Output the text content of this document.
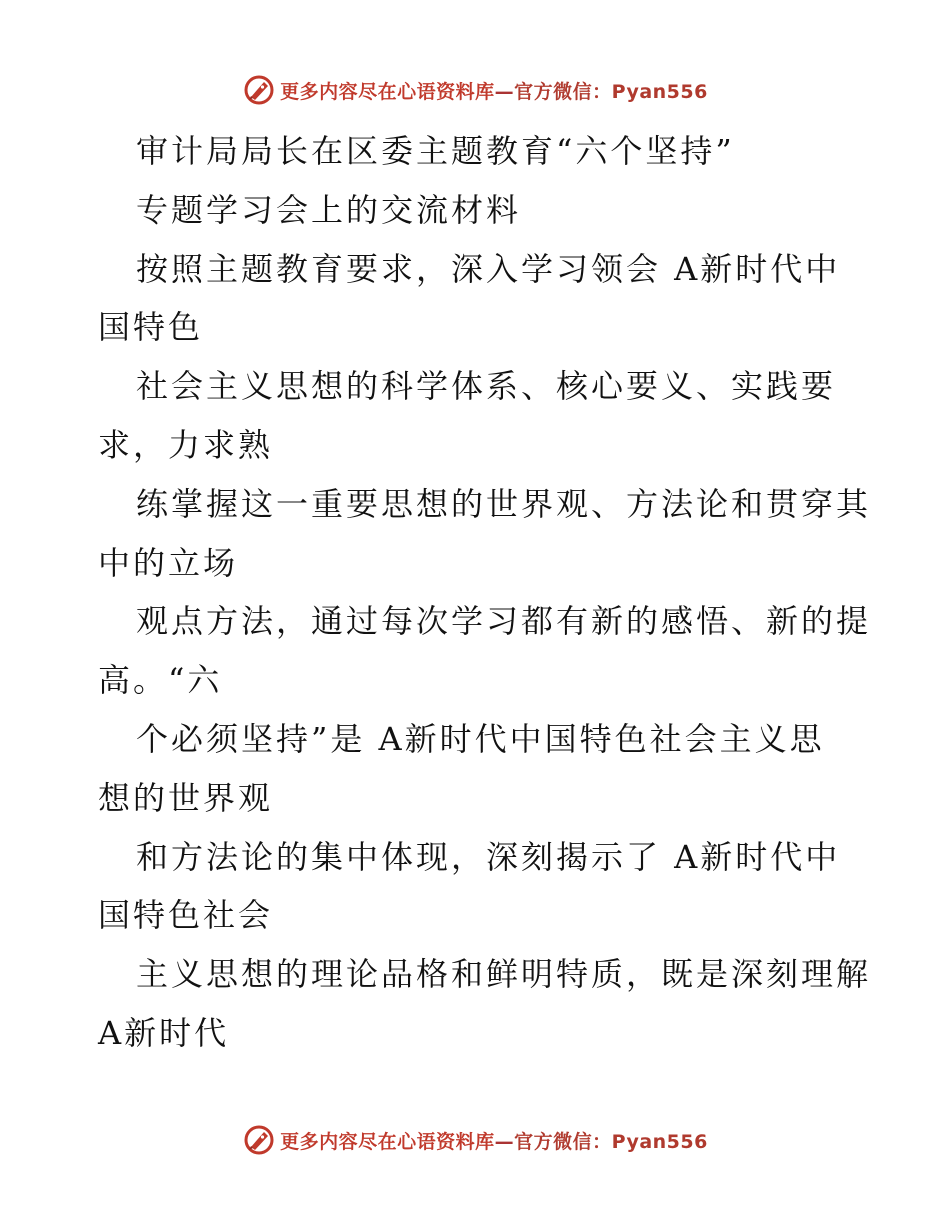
更多内容尽在心语资料库—官方微信：Pyan556
审计局局长在区委主题教育“六个坚持”
专题学习会上的交流材料
按照主题教育要求，深入学习领会 A新时代中
国特色
社会主义思想的科学体系、核心要义、实践要
求，力求熟
练掌握这一重要思想的世界观、方法论和贯穿其
中的立场
观点方法，通过每次学习都有新的感悟、新的提
高。“六
个必须坚持”是 A新时代中国特色社会主义思
想的世界观
和方法论的集中体现，深刻揭示了 A新时代中
国特色社会
主义思想的理论品格和鲜明特质，既是深刻理解
A新时代
更多内容尽在心语资料库—官方微信：Pyan556
